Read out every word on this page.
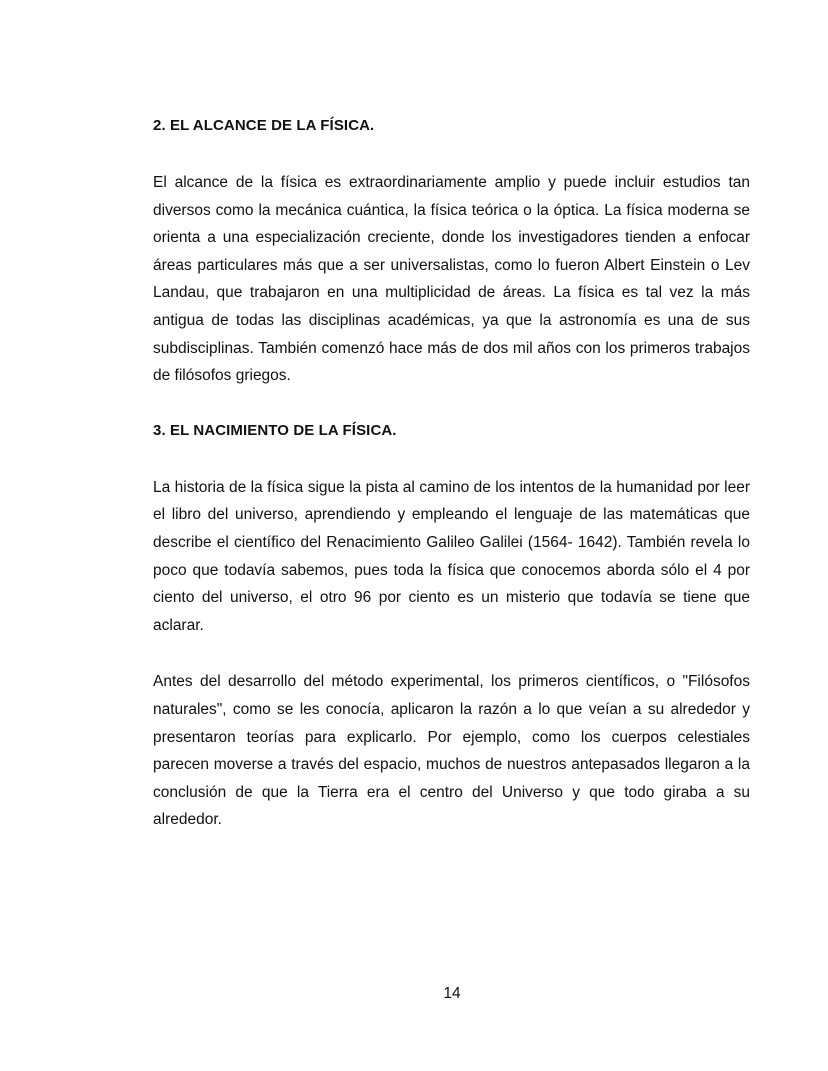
2. EL ALCANCE DE LA FÍSICA.

El alcance de la física es extraordinariamente amplio y puede incluir estudios tan diversos como la mecánica cuántica, la física teórica o la óptica. La física moderna se orienta a una especialización creciente, donde los investigadores tienden a enfocar áreas particulares más que a ser universalistas, como lo fueron Albert Einstein o Lev Landau, que trabajaron en una multiplicidad de áreas. La física es tal vez la más antigua de todas las disciplinas académicas, ya que la astronomía es una de sus subdisciplinas. También comenzó hace más de dos mil años con los primeros trabajos de filósofos griegos.

3. EL NACIMIENTO DE LA FÍSICA.

La historia de la física sigue la pista al camino de los intentos de la humanidad por leer el libro del universo, aprendiendo y empleando el lenguaje de las matemáticas que describe el científico del Renacimiento Galileo Galilei (1564- 1642). También revela lo poco que todavía sabemos, pues toda la física que conocemos aborda sólo el 4 por ciento del universo, el otro 96 por ciento es un misterio que todavía se tiene que aclarar.

Antes del desarrollo del método experimental, los primeros científicos, o "Filósofos naturales", como se les conocía, aplicaron la razón a lo que veían a su alrededor y presentaron teorías para explicarlo. Por ejemplo, como los cuerpos celestiales parecen moverse a través del espacio, muchos de nuestros antepasados llegaron a la conclusión de que la Tierra era el centro del Universo y que todo giraba a su alrededor.

14
